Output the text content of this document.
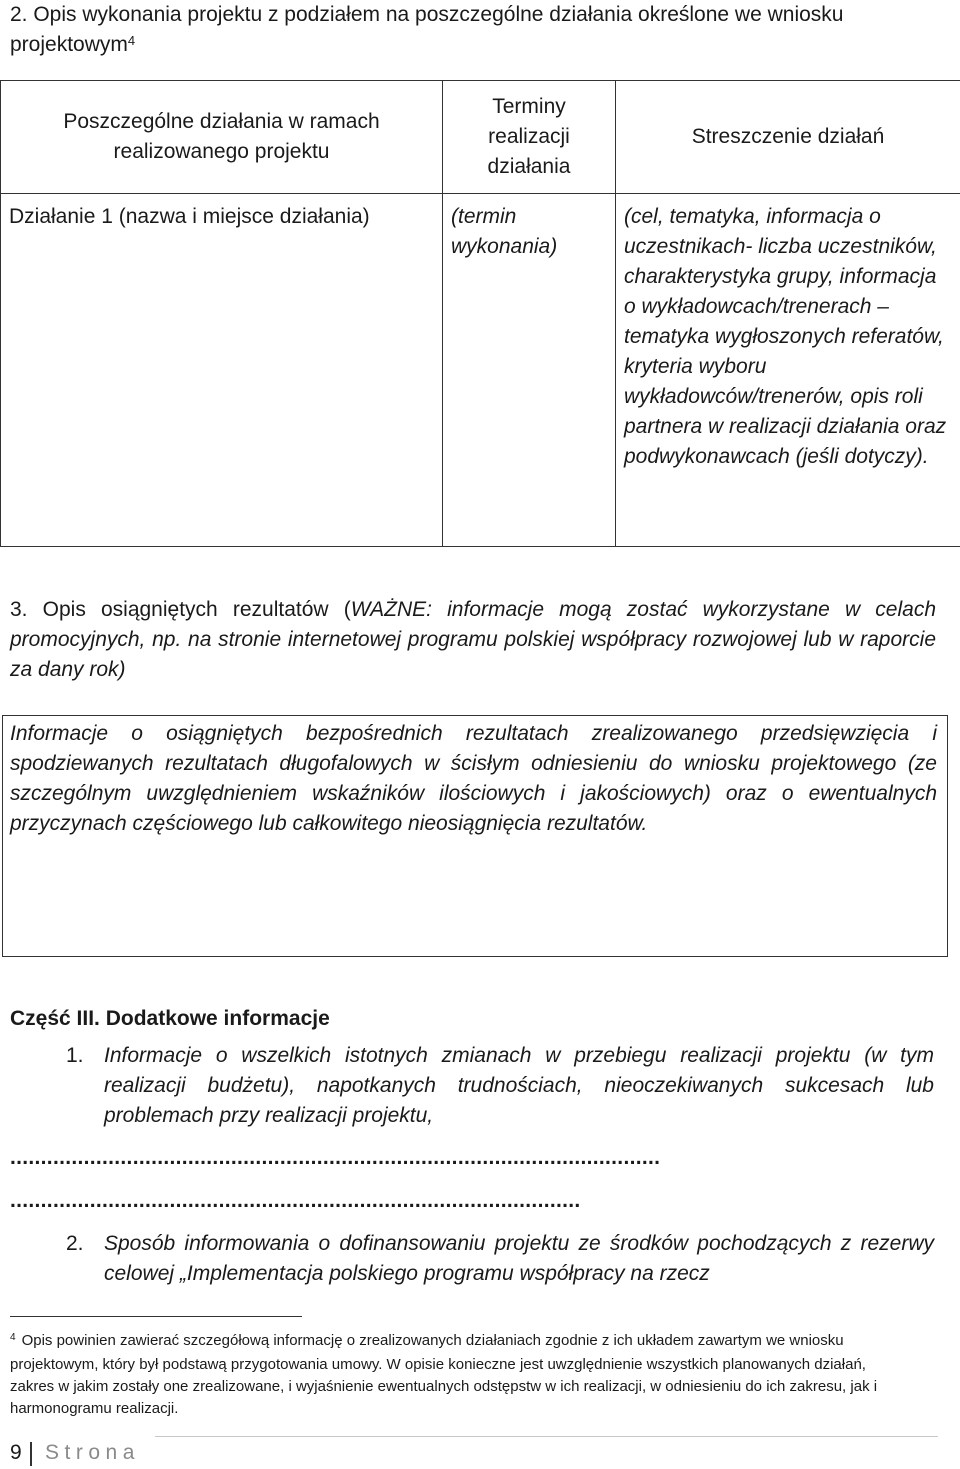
2. Opis wykonania projektu z podziałem na poszczególne działania określone we wniosku projektowym$^4$
Poszczególne działania w ramach realizowanego projektu	Terminy realizacji działania	Streszczenie działań

Działanie 1 (nazwa i miejsce działania)	(termin wykonania)	(cel, tematyka, informacja o uczestnikach- liczba uczestników, charakterystyka grupy, informacja o wykładowcach/trenerach – tematyka wygłoszonych referatów, kryteria wyboru wykładowców/trenerów, opis roli partnera w realizacji działania oraz podwykonawcach (jeśli dotyczy).
3. Opis osiągniętych rezultatów (WAŻNE: informacje mogą zostać wykorzystane w celach promocyjnych, np. na stronie internetowej programu polskiej współpracy rozwojowej lub w raporcie za dany rok)
Informacje o osiągniętych bezpośrednich rezultatach zrealizowanego przedsięwzięcia i spodziewanych rezultatach długofalowych w ścisłym odniesieniu do wniosku projektowego (ze szczególnym uwzględnieniem wskaźników ilościowych i jakościowych) oraz o ewentualnych przyczynach częściowego lub całkowitego nieosiągnięcia rezultatów.
Część III. Dodatkowe informacje
1. Informacje o wszelkich istotnych zmianach w przebiegu realizacji projektu (w tym realizacji budżetu), napotkanych trudnościach, nieoczekiwanych sukcesach lub problemach przy realizacji projektu,
..........................................................................................................
.............................................................................................
2. Sposób informowania o dofinansowaniu projektu ze środków pochodzących z rezerwy celowej „Implementacja polskiego programu współpracy na rzecz
$^4$ Opis powinien zawierać szczegółową informację o zrealizowanych działaniach zgodnie z ich układem zawartym we wniosku projektowym, który był podstawą przygotowania umowy. W opisie konieczne jest uwzględnienie wszystkich planowanych działań, zakres w jakim zostały one zrealizowane, i wyjaśnienie ewentualnych odstępstw w ich realizacji, w odniesieniu do ich zakresu, jak i harmonogramu realizacji.
9 Strona
